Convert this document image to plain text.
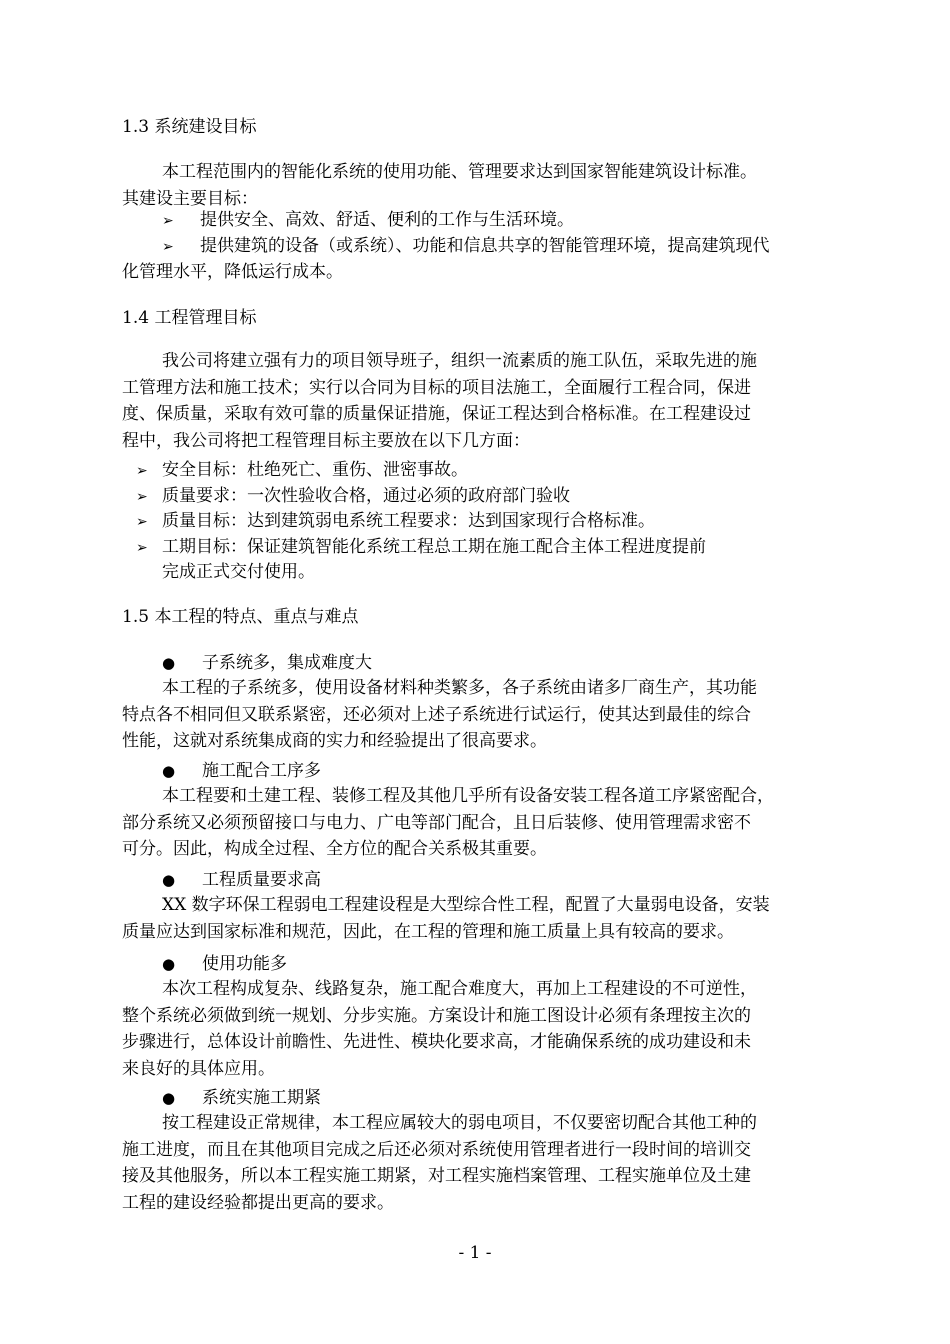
1.3 系统建设目标
本工程范围内的智能化系统的使用功能、管理要求达到国家智能建筑设计标准。
其建设主要目标：
➢ 提供安全、高效、舒适、便利的工作与生活环境。
➢ 提供建筑的设备（或系统）、功能和信息共享的智能管理环境，提高建筑现代
化管理水平，降低运行成本。
1.4 工程管理目标
我公司将建立强有力的项目领导班子，组织一流素质的施工队伍，采取先进的施
工管理方法和施工技术；实行以合同为目标的项目法施工，全面履行工程合同，保进
度、保质量，采取有效可靠的质量保证措施，保证工程达到合格标准。在工程建设过
程中，我公司将把工程管理目标主要放在以下几方面：
➢ 安全目标：杜绝死亡、重伤、泄密事故。
➢ 质量要求：一次性验收合格，通过必须的政府部门验收
➢ 质量目标：达到建筑弱电系统工程要求：达到国家现行合格标准。
➢ 工期目标：保证建筑智能化系统工程总工期在施工配合主体工程进度提前
完成正式交付使用。
1.5 本工程的特点、重点与难点
● 子系统多，集成难度大
本工程的子系统多，使用设备材料种类繁多，各子系统由诸多厂商生产，其功能
特点各不相同但又联系紧密，还必须对上述子系统进行试运行，使其达到最佳的综合
性能，这就对系统集成商的实力和经验提出了很高要求。
● 施工配合工序多
本工程要和土建工程、装修工程及其他几乎所有设备安装工程各道工序紧密配合，
部分系统又必须预留接口与电力、广电等部门配合，且日后装修、使用管理需求密不
可分。因此，构成全过程、全方位的配合关系极其重要。
● 工程质量要求高
XX 数字环保工程弱电工程建设程是大型综合性工程，配置了大量弱电设备，安装
质量应达到国家标准和规范，因此，在工程的管理和施工质量上具有较高的要求。
● 使用功能多
本次工程构成复杂、线路复杂，施工配合难度大，再加上工程建设的不可逆性，
整个系统必须做到统一规划、分步实施。方案设计和施工图设计必须有条理按主次的
步骤进行，总体设计前瞻性、先进性、模块化要求高，才能确保系统的成功建设和未
来良好的具体应用。
● 系统实施工期紧
按工程建设正常规律，本工程应属较大的弱电项目，不仅要密切配合其他工种的
施工进度，而且在其他项目完成之后还必须对系统使用管理者进行一段时间的培训交
接及其他服务，所以本工程实施工期紧，对工程实施档案管理、工程实施单位及土建
工程的建设经验都提出更高的要求。
- 1 -
